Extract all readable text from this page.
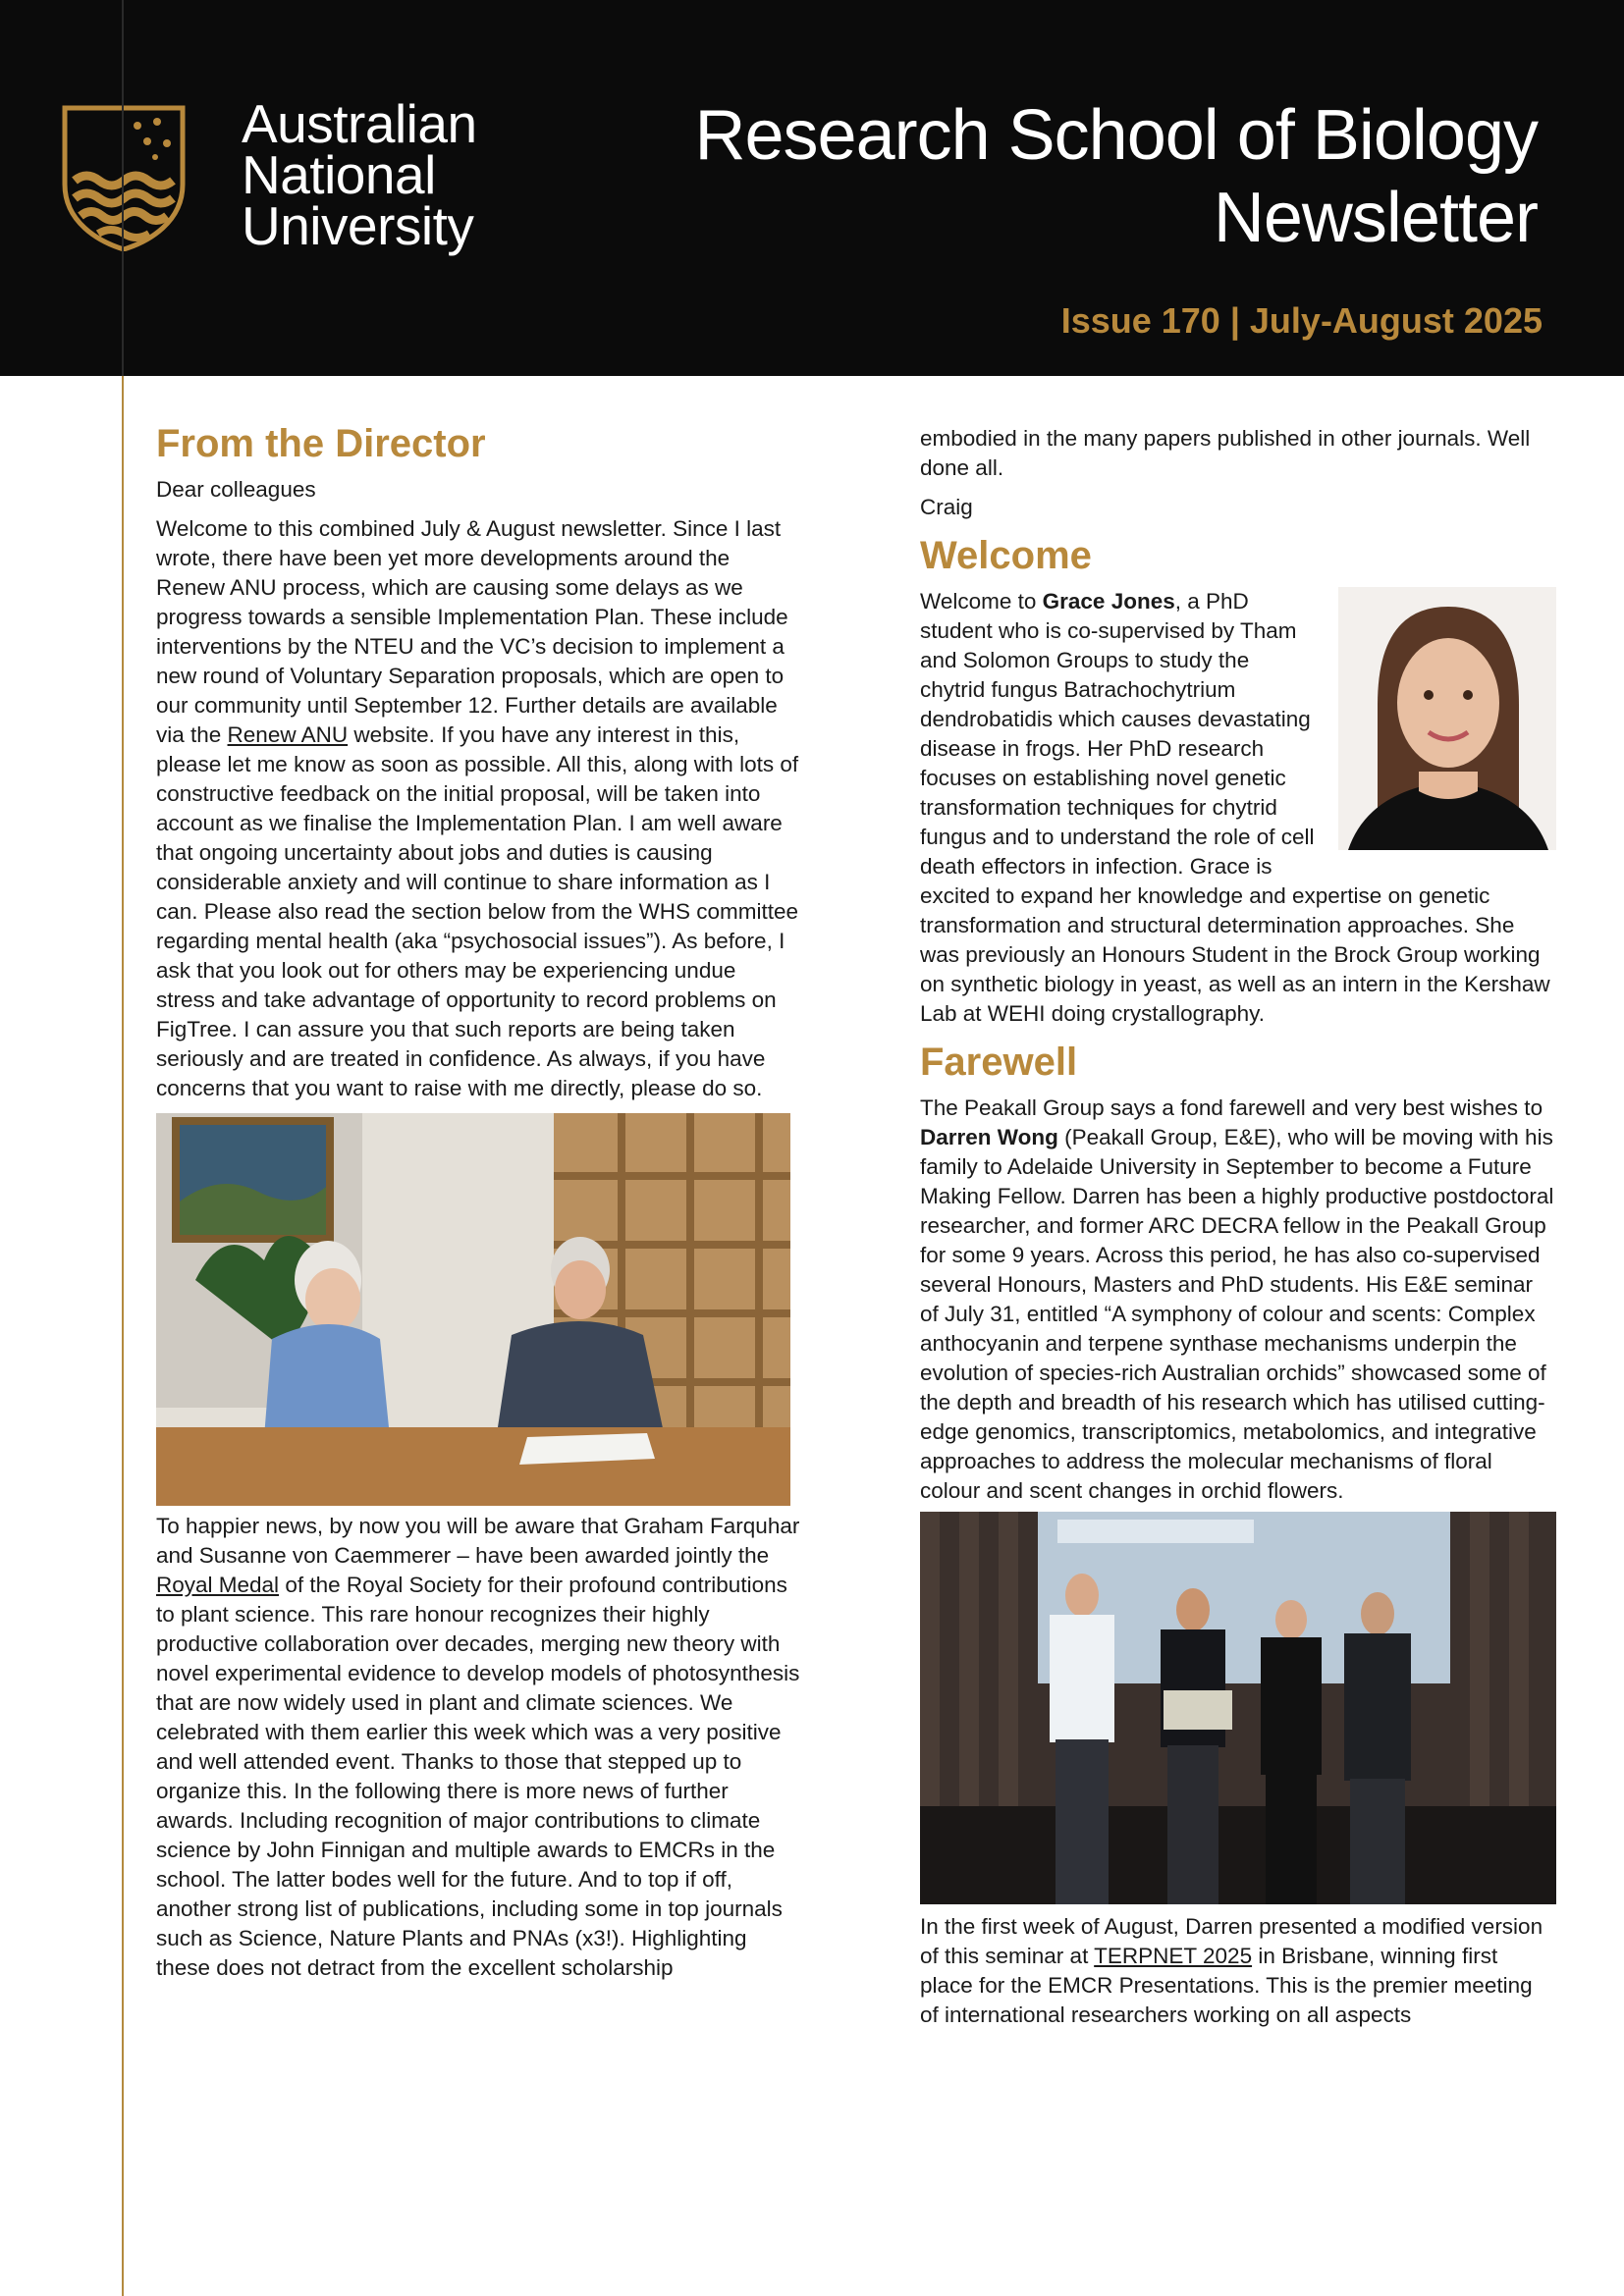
Australian
National
University
Research School of Biology
Newsletter
Issue 170 | July-August 2025
From the Director

Dear colleagues

Welcome to this combined July & August newsletter. Since I last wrote, there have been yet more developments around the Renew ANU process, which are causing some delays as we progress towards a sensible Implementation Plan. These include interventions by the NTEU and the VC’s decision to implement a new round of Voluntary Separation proposals, which are open to our community until September 12. Further details are available via the Renew ANU website. If you have any interest in this, please let me know as soon as possible. All this, along with lots of constructive feedback on the initial proposal, will be taken into account as we finalise the Implementation Plan. I am well aware that ongoing uncertainty about jobs and duties is causing considerable anxiety and will continue to share information as I can. Please also read the section below from the WHS committee regarding mental health (aka “psychosocial issues”). As before, I ask that you look out for others may be experiencing undue stress and take advantage of opportunity to record problems on FigTree. I can assure you that such reports are being taken seriously and are treated in confidence. As always, if you have concerns that you want to raise with me directly, please do so.

To happier news, by now you will be aware that Graham Farquhar and Susanne von Caemmerer – have been awarded jointly the Royal Medal of the Royal Society for their profound contributions to plant science. This rare honour recognizes their highly productive collaboration over decades, merging new theory with novel experimental evidence to develop models of photosynthesis that are now widely used in plant and climate sciences. We celebrated with them earlier this week which was a very positive and well attended event. Thanks to those that stepped up to organize this. In the following there is more news of further awards. Including recognition of major contributions to climate science by John Finnigan and multiple awards to EMCRs in the school. The latter bodes well for the future. And to top if off, another strong list of publications, including some in top journals such as Science, Nature Plants and PNAs (x3!). Highlighting these does not detract from the excellent scholarship

embodied in the many papers published in other journals. Well done all.

Craig

Welcome

Welcome to Grace Jones, a PhD student who is co-supervised by Tham and Solomon Groups to study the chytrid fungus Batrachochytrium dendrobatidis which causes devastating disease in frogs. Her PhD research focuses on establishing novel genetic transformation techniques for chytrid fungus and to understand the role of cell death effectors in infection. Grace is excited to expand her knowledge and expertise on genetic transformation and structural determination approaches. She was previously an Honours Student in the Brock Group working on synthetic biology in yeast, as well as an intern in the Kershaw Lab at WEHI doing crystallography.

Farewell

The Peakall Group says a fond farewell and very best wishes to Darren Wong (Peakall Group, E&E), who will be moving with his family to Adelaide University in September to become a Future Making Fellow. Darren has been a highly productive postdoctoral researcher, and former ARC DECRA fellow in the Peakall Group for some 9 years. Across this period, he has also co-supervised several Honours, Masters and PhD students. His E&E seminar of July 31, entitled “A symphony of colour and scents: Complex anthocyanin and terpene synthase mechanisms underpin the evolution of species-rich Australian orchids” showcased some of the depth and breadth of his research which has utilised cutting-edge genomics, transcriptomics, metabolomics, and integrative approaches to address the molecular mechanisms of floral colour and scent changes in orchid flowers.

In the first week of August, Darren presented a modified version of this seminar at TERPNET 2025 in Brisbane, winning first place for the EMCR Presentations. This is the premier meeting of international researchers working on all aspects
